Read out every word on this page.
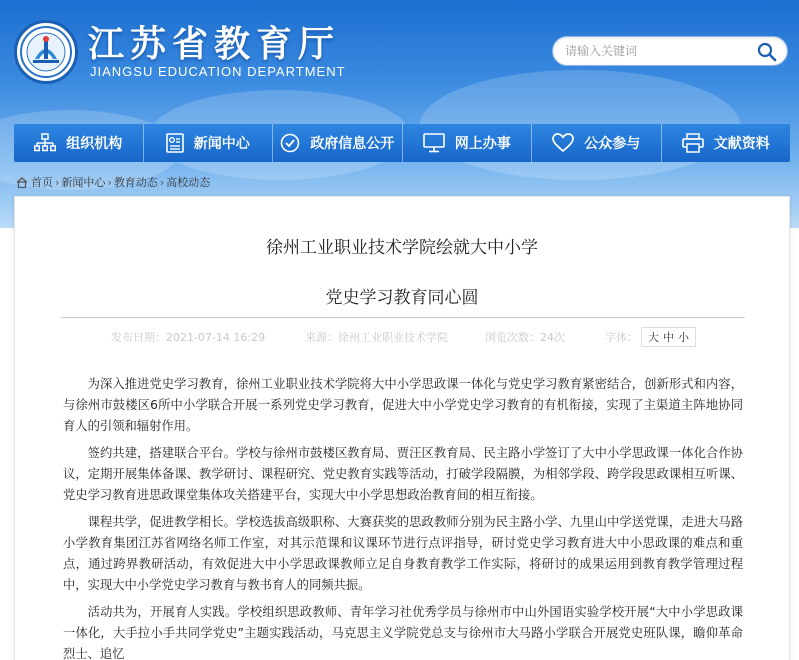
江苏省教育厅
JIANGSU EDUCATION DEPARTMENT
请输入关键词
组织机构	新闻中心	政府信息公开	网上办事	公众参与	文献资料
首页 › 新闻中心 › 教育动态 › 高校动态
徐州工业职业技术学院绘就大中小学
党史学习教育同心圆
发布日期：2021-07-14 16:29	来源：徐州工业职业技术学院	浏览次数：24次	字体： 大 中 小

为深入推进党史学习教育，徐州工业职业技术学院将大中小学思政课一体化与党史学习教育紧密结合，创新形式和内容，与徐州市鼓楼区6所中小学联合开展一系列党史学习教育，促进大中小学党史学习教育的有机衔接，实现了主渠道主阵地协同育人的引领和辐射作用。

签约共建，搭建联合平台。学校与徐州市鼓楼区教育局、贾汪区教育局、民主路小学签订了大中小学思政课一体化合作协议，定期开展集体备课、教学研讨、课程研究、党史教育实践等活动，打破学段隔膜，为相邻学段、跨学段思政课相互听课、党史学习教育进思政课堂集体攻关搭建平台，实现大中小学思想政治教育间的相互衔接。

课程共学，促进教学相长。学校选拔高级职称、大赛获奖的思政教师分别为民主路小学、九里山中学送党课，走进大马路小学教育集团江苏省网络名师工作室，对其示范课和议课环节进行点评指导，研讨党史学习教育进大中小思政课的难点和重点，通过跨界教研活动，有效促进大中小学思政课教师立足自身教育教学工作实际，将研讨的成果运用到教育教学管理过程中，实现大中小学党史学习教育与教书育人的同频共振。

活动共为，开展育人实践。学校组织思政教师、青年学习社优秀学员与徐州市中山外国语实验学校开展“大中小学思政课一体化，大手拉小手共同学党史”主题实践活动，马克思主义学院党总支与徐州市大马路小学联合开展党史班队课，瞻仰革命烈士、追忆
